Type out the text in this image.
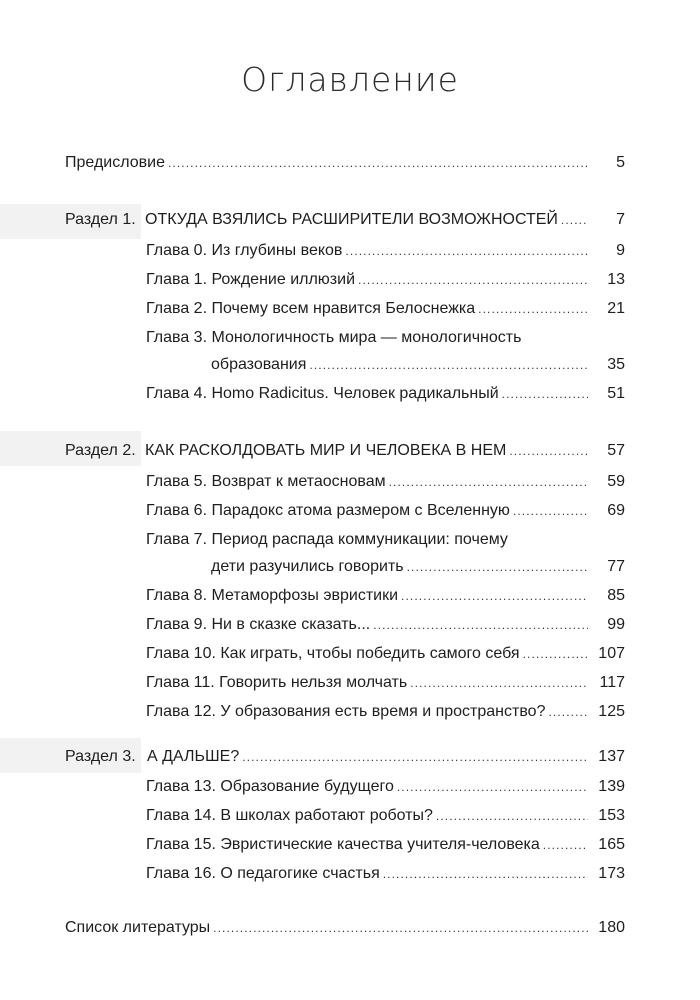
Оглавление
Предисловие .....	5
Раздел 1. ОТКУДА ВЗЯЛИСЬ РАСШИРИТЕЛИ ВОЗМОЖНОСТЕЙ .....	7
Глава 0. Из глубины веков .....	9
Глава 1. Рождение иллюзий .....	13
Глава 2. Почему всем нравится Белоснежка .....	21
Глава 3. Монологичность мира — монологичность
образования .....	35
Глава 4. Homo Radicitus. Человек радикальный .....	51
Раздел 2. КАК РАСКОЛДОВАТЬ МИР И ЧЕЛОВЕКА В НЕМ .....	57
Глава 5. Возврат к метаосновам .....	59
Глава 6. Парадокс атома размером с Вселенную .....	69
Глава 7. Период распада коммуникации: почему
дети разучились говорить .....	77
Глава 8. Метаморфозы эвристики .....	85
Глава 9. Ни в сказке сказать... .....	99
Глава 10. Как играть, чтобы победить самого себя .....	107
Глава 11. Говорить нельзя молчать .....	117
Глава 12. У образования есть время и пространство? .....	125
Раздел 3. А ДАЛЬШЕ? .....	137
Глава 13. Образование будущего .....	139
Глава 14. В школах работают роботы? .....	153
Глава 15. Эвристические качества учителя-человека .....	165
Глава 16. О педагогике счастья .....	173
Список литературы .....	180
